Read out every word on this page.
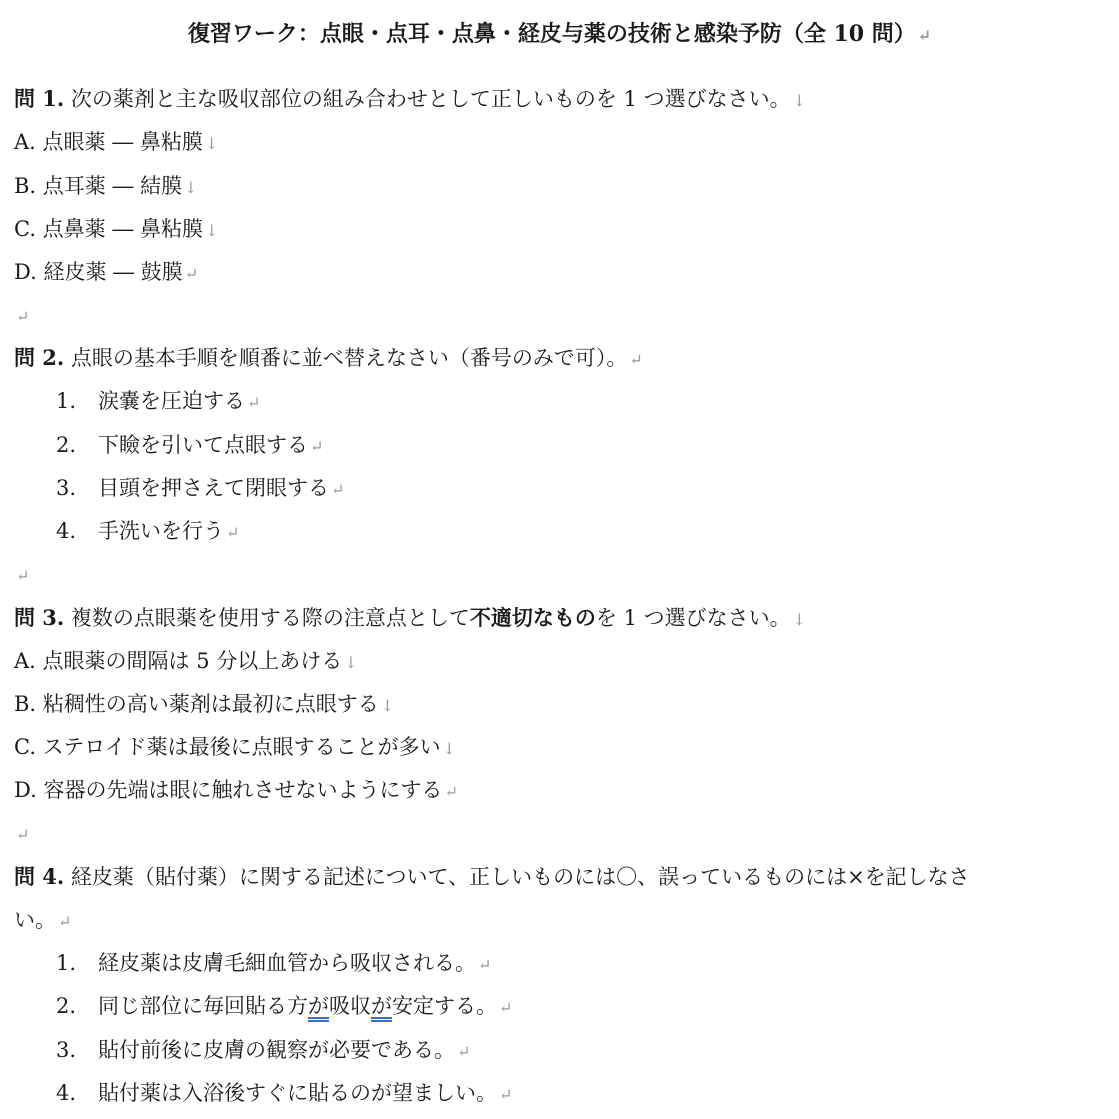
復習ワーク：点眼・点耳・点鼻・経皮与薬の技術と感染予防（全 10 問） ↵
問 1. 次の薬剤と主な吸収部位の組み合わせとして正しいものを 1 つ選びなさい。 ↓
A. 点眼薬 ― 鼻粘膜 ↓
B. 点耳薬 ― 結膜 ↓
C. 点鼻薬 ― 鼻粘膜 ↓
D. 経皮薬 ― 鼓膜 ↵
↵
問 2. 点眼の基本手順を順番に並べ替えなさい（番号のみで可）。 ↵
1. 涙嚢を圧迫する ↵
2. 下瞼を引いて点眼する ↵
3. 目頭を押さえて閉眼する ↵
4. 手洗いを行う ↵
↵
問 3. 複数の点眼薬を使用する際の注意点として不適切なものを 1 つ選びなさい。 ↓
A. 点眼薬の間隔は 5 分以上あける ↓
B. 粘稠性の高い薬剤は最初に点眼する ↓
C. ステロイド薬は最後に点眼することが多い ↓
D. 容器の先端は眼に触れさせないようにする ↵
↵
問 4. 経皮薬（貼付薬）に関する記述について、正しいものには〇、誤っているものには×を記しなさ
い。 ↵
1. 経皮薬は皮膚毛細血管から吸収される。 ↵
2. 同じ部位に毎回貼る方が吸収が安定する。 ↵
3. 貼付前後に皮膚の観察が必要である。 ↵
4. 貼付薬は入浴後すぐに貼るのが望ましい。 ↵
